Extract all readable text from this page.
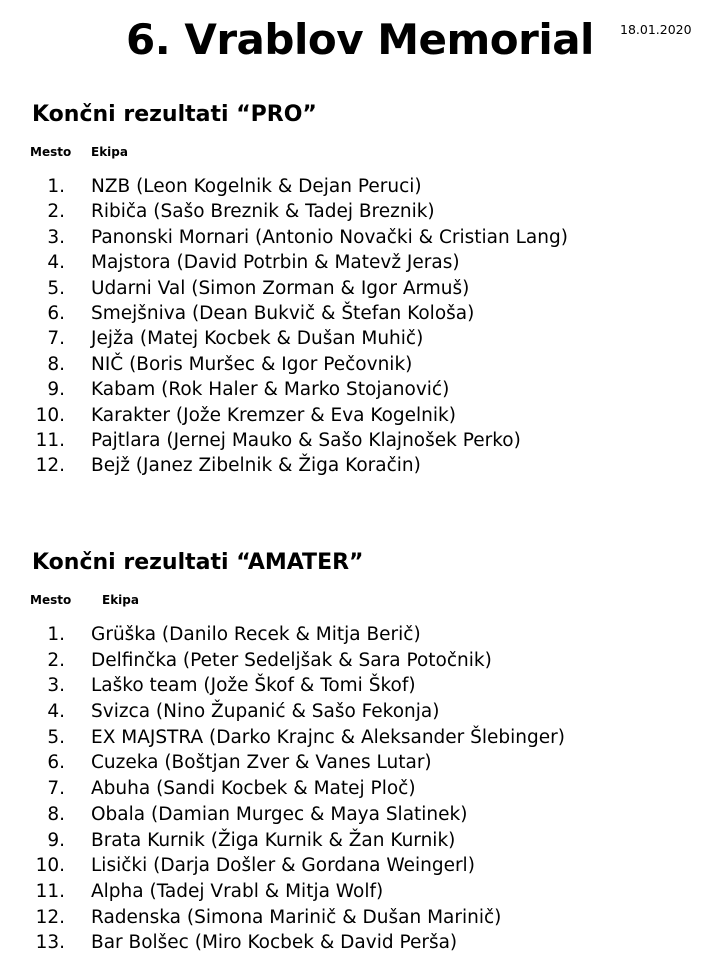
6. Vrablov Memorial	18.01.2020
Končni rezultati “PRO”
Mesto Ekipa
1. NZB (Leon Kogelnik & Dejan Peruci)
2. Ribiča (Sašo Breznik & Tadej Breznik)
3. Panonski Mornari (Antonio Novački & Cristian Lang)
4. Majstora (David Potrbin & Matevž Jeras)
5. Udarni Val (Simon Zorman & Igor Armuš)
6. Smejšniva (Dean Bukvič & Štefan Kološa)
7. Jejža (Matej Kocbek & Dušan Muhič)
8. NIČ (Boris Muršec & Igor Pečovnik)
9. Kabam (Rok Haler & Marko Stojanović)
10. Karakter (Jože Kremzer & Eva Kogelnik)
11. Pajtlara (Jernej Mauko & Sašo Klajnošek Perko)
12. Bejž (Janez Zibelnik & Žiga Koračin)
Končni rezultati “AMATER”
Mesto	Ekipa
1. Grüška (Danilo Recek & Mitja Berič)
2. Delfinčka (Peter Sedeljšak & Sara Potočnik)
3. Laško team (Jože Škof & Tomi Škof)
4. Svizca (Nino Županić & Sašo Fekonja)
5. EX MAJSTRA (Darko Krajnc & Aleksander Šlebinger)
6. Cuzeka (Boštjan Zver & Vanes Lutar)
7. Abuha (Sandi Kocbek & Matej Ploč)
8. Obala (Damian Murgec & Maya Slatinek)
9. Brata Kurnik (Žiga Kurnik & Žan Kurnik)
10. Lisički (Darja Došler & Gordana Weingerl)
11. Alpha (Tadej Vrabl & Mitja Wolf)
12. Radenska (Simona Marinič & Dušan Marinič)
13. Bar Bolšec (Miro Kocbek & David Perša)
